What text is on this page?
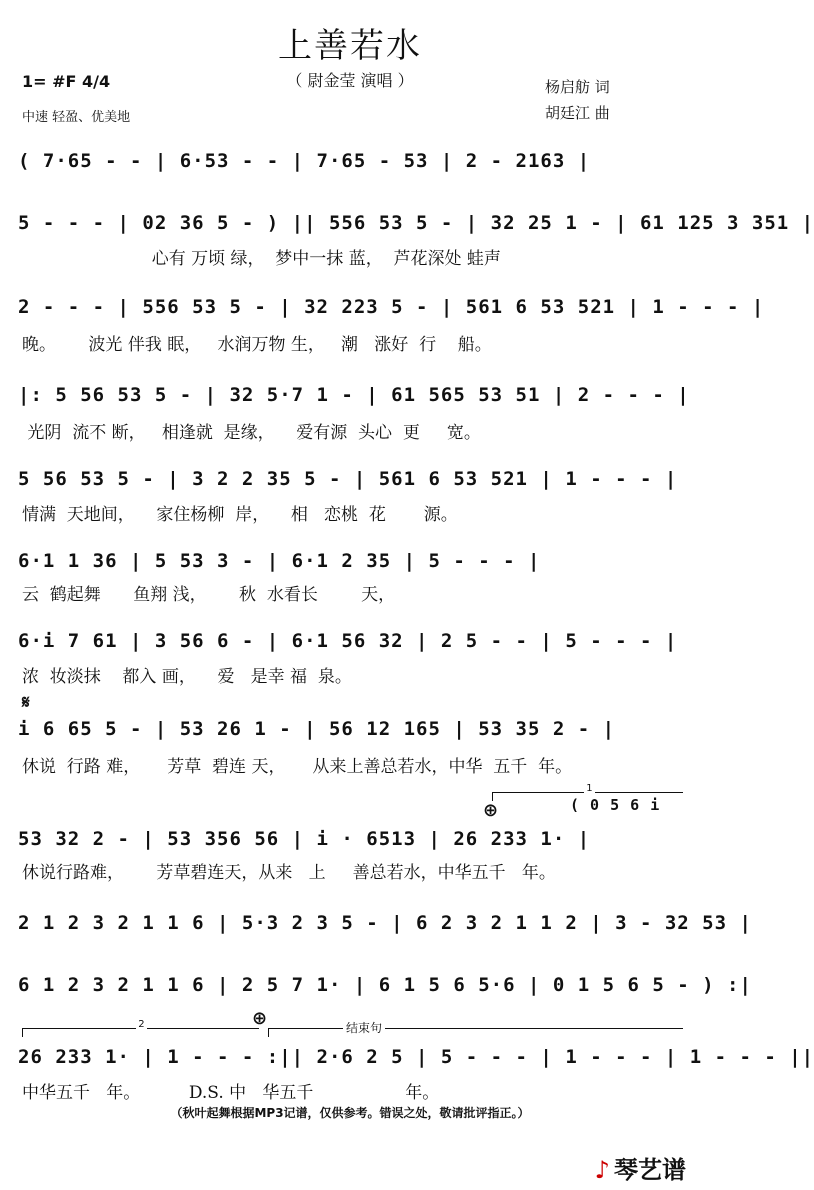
上善若水
（ 尉金莹 演唱 ）
1= #F 4/4
中速 轻盈、优美地
杨启舫 词
胡廷江 曲
( 7·65 - - | 6·53 - - | 7·65 - 53 | 2 - 2163 |
5 - - - | 02 36 5 - ) || 556 53 5 - | 32 25 1 - | 61 125 3 351 |
心有 万顷 绿，  梦中一抹 蓝，  芦花深处 蛙声
2 - - - | 556 53 5 - | 32 223 5 - | 561 6 53 521 | 1 - - - |
晚。      波光 伴我 眠，   水润万物 生，   潮   涨好  行    船。
|: 5 56 53 5 - | 32 5·7 1 - | 61 565 53 51 | 2 - - - |
光阴  流不 断，   相逢就  是缘，    爱有源  头心  更     宽。
5 56 53 5 - | 3 2 2 35 5 - | 561 6 53 521 | 1 - - - |
情满  天地间，    家住杨柳  岸，    相   恋桃  花       源。
6·1 1 36 | 5 53 3 - | 6·1 2 35 | 5 - - - |
云  鹤起舞      鱼翔 浅，      秋  水看长        天，
6·i 7 61 | 3 56 6 - | 6·1 56 32 | 2 5 - - | 5 - - - |
浓  妆淡抹    都入 画，    爱   是幸 福  泉。
𝄋
i 6 65 5 - | 53 26 1 - | 56 12 165 | 53 35 2 - |
休说  行路 难，     芳草  碧连 天，     从来上善总若水，中华  五千  年。
⊕
1
( 0 5 6 i
53 32 2 - | 53 356 56 | i · 6513 | 26 233 1· |
休说行路难，      芳草碧连天，从来   上     善总若水，中华五千   年。
2 1 2 3 2 1 1 6 | 5·3 2 3 5 - | 6 2 3 2 1 1 2 | 3 - 32 53 |
6 1 2 3 2 1 1 6 | 2 5 7 1· | 6 1 5 6 5·6 | 0 1 5 6 5 - ) :|
2	⊕	结束句
26 233 1· | 1 - - - :|| 2·6 2 5 | 5 - - - | 1 - - - | 1 - - - ||
中华五千   年。         D.S. 中   华五千                 年。
（秋叶起舞根据MP3记谱，仅供参考。错误之处，敬请批评指正。）
♪ 琴艺谱
